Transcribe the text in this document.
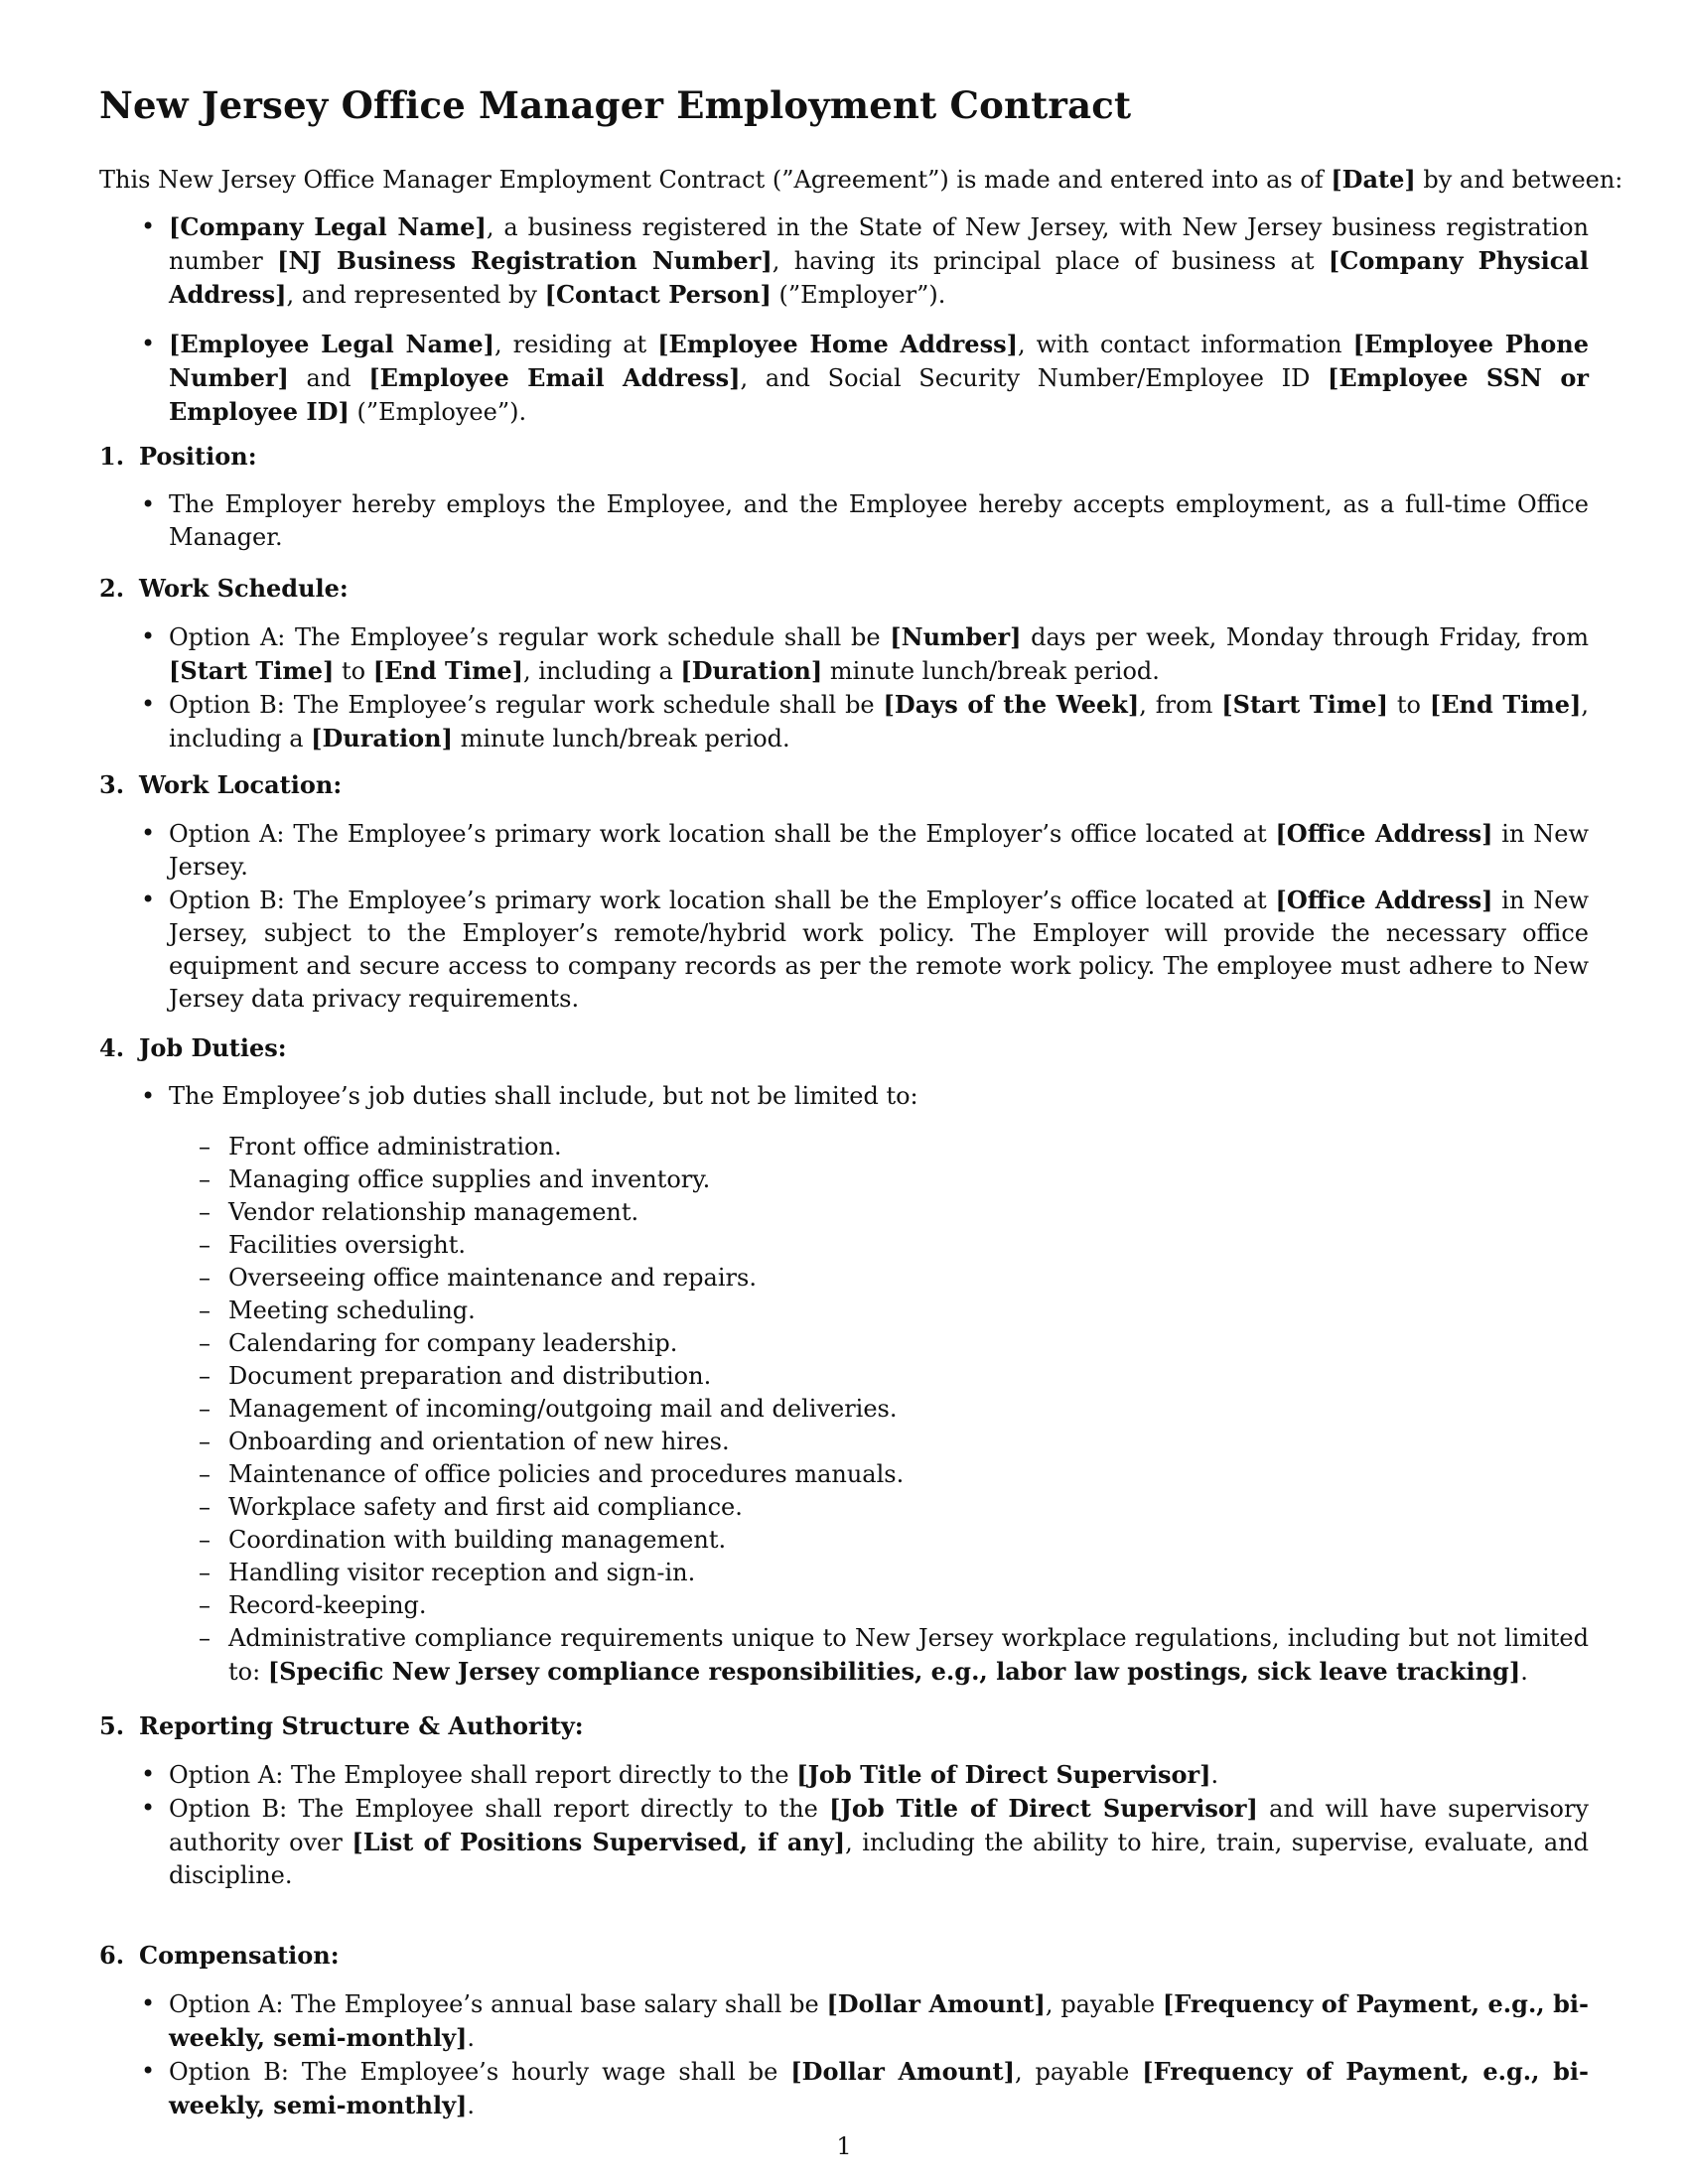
New Jersey Office Manager Employment Contract
This New Jersey Office Manager Employment Contract (”Agreement”) is made and entered into as of [Date] by and between:
• [Company Legal Name], a business registered in the State of New Jersey, with New Jersey business registration number [NJ Business Registration Number], having its principal place of business at [Company Physical Address], and represented by [Contact Person] (”Employer”).
• [Employee Legal Name], residing at [Employee Home Address], with contact information [Employee Phone Number] and [Employee Email Address], and Social Security Number/Employee ID [Employee SSN or Employee ID] (”Employee”).
1. Position:
• The Employer hereby employs the Employee, and the Employee hereby accepts employment, as a full-time Office Manager.
2. Work Schedule:
• Option A: The Employee’s regular work schedule shall be [Number] days per week, Monday through Friday, from [Start Time] to [End Time], including a [Duration] minute lunch/break period.
• Option B: The Employee’s regular work schedule shall be [Days of the Week], from [Start Time] to [End Time], including a [Duration] minute lunch/break period.
3. Work Location:
• Option A: The Employee’s primary work location shall be the Employer’s office located at [Office Address] in New Jersey.
• Option B: The Employee’s primary work location shall be the Employer’s office located at [Office Address] in New Jersey, subject to the Employer’s remote/hybrid work policy. The Employer will provide the necessary office equipment and secure access to company records as per the remote work policy. The employee must adhere to New Jersey data privacy requirements.
4. Job Duties:
• The Employee’s job duties shall include, but not be limited to:
– Front office administration.
– Managing office supplies and inventory.
– Vendor relationship management.
– Facilities oversight.
– Overseeing office maintenance and repairs.
– Meeting scheduling.
– Calendaring for company leadership.
– Document preparation and distribution.
– Management of incoming/outgoing mail and deliveries.
– Onboarding and orientation of new hires.
– Maintenance of office policies and procedures manuals.
– Workplace safety and first aid compliance.
– Coordination with building management.
– Handling visitor reception and sign-in.
– Record-keeping.
– Administrative compliance requirements unique to New Jersey workplace regulations, including but not limited to: [Specific New Jersey compliance responsibilities, e.g., labor law postings, sick leave tracking].
5. Reporting Structure & Authority:
• Option A: The Employee shall report directly to the [Job Title of Direct Supervisor].
• Option B: The Employee shall report directly to the [Job Title of Direct Supervisor] and will have supervisory authority over [List of Positions Supervised, if any], including the ability to hire, train, supervise, evaluate, and discipline.
6. Compensation:
• Option A: The Employee’s annual base salary shall be [Dollar Amount], payable [Frequency of Payment, e.g., bi-weekly, semi-monthly].
• Option B: The Employee’s hourly wage shall be [Dollar Amount], payable [Frequency of Payment, e.g., bi-weekly, semi-monthly].
1
